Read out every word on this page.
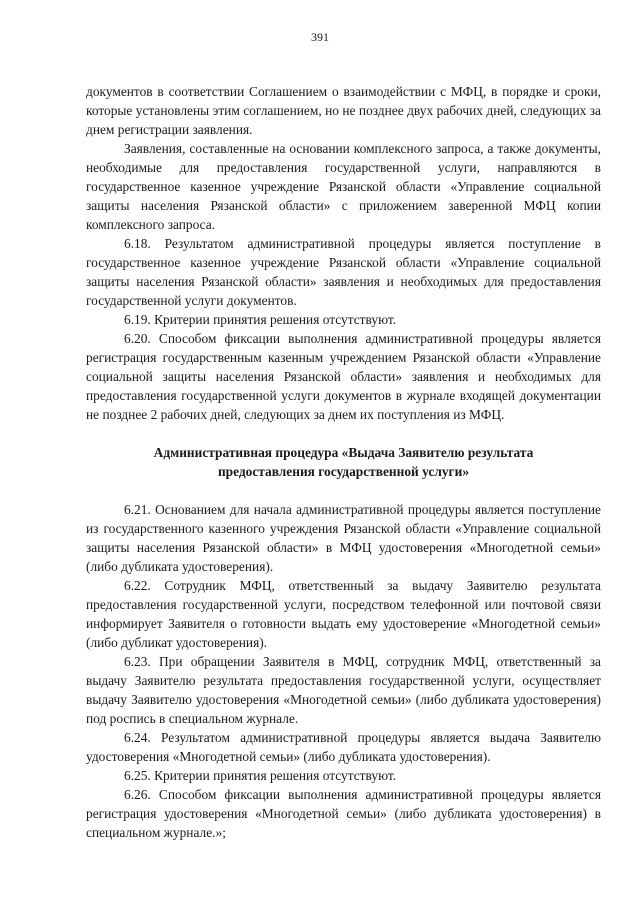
391

документов в соответствии Соглашением о взаимодействии с МФЦ, в порядке и сроки, которые установлены этим соглашением, но не позднее двух рабочих дней, следующих за днем регистрации заявления.

Заявления, составленные на основании комплексного запроса, а также документы, необходимые для предоставления государственной услуги, направляются в государственное казенное учреждение Рязанской области «Управление социальной защиты населения Рязанской области» с приложением заверенной МФЦ копии комплексного запроса.

6.18. Результатом административной процедуры является поступление в государственное казенное учреждение Рязанской области «Управление социальной защиты населения Рязанской области» заявления и необходимых для предоставления государственной услуги документов.

6.19. Критерии принятия решения отсутствуют.

6.20. Способом фиксации выполнения административной процедуры является регистрация государственным казенным учреждением Рязанской области «Управление социальной защиты населения Рязанской области» заявления и необходимых для предоставления государственной услуги документов в журнале входящей документации не позднее 2 рабочих дней, следующих за днем их поступления из МФЦ.

Административная процедура «Выдача Заявителю результата предоставления государственной услуги»

6.21. Основанием для начала административной процедуры является поступление из государственного казенного учреждения Рязанской области «Управление социальной защиты населения Рязанской области» в МФЦ удостоверения «Многодетной семьи» (либо дубликата удостоверения).

6.22. Сотрудник МФЦ, ответственный за выдачу Заявителю результата предоставления государственной услуги, посредством телефонной или почтовой связи информирует Заявителя о готовности выдать ему удостоверение «Многодетной семьи» (либо дубликат удостоверения).

6.23. При обращении Заявителя в МФЦ, сотрудник МФЦ, ответственный за выдачу Заявителю результата предоставления государственной услуги, осуществляет выдачу Заявителю удостоверения «Многодетной семьи» (либо дубликата удостоверения) под роспись в специальном журнале.

6.24. Результатом административной процедуры является выдача Заявителю удостоверения «Многодетной семьи» (либо дубликата удостоверения).

6.25. Критерии принятия решения отсутствуют.

6.26. Способом фиксации выполнения административной процедуры является регистрация удостоверения «Многодетной семьи» (либо дубликата удостоверения) в специальном журнале.»;
